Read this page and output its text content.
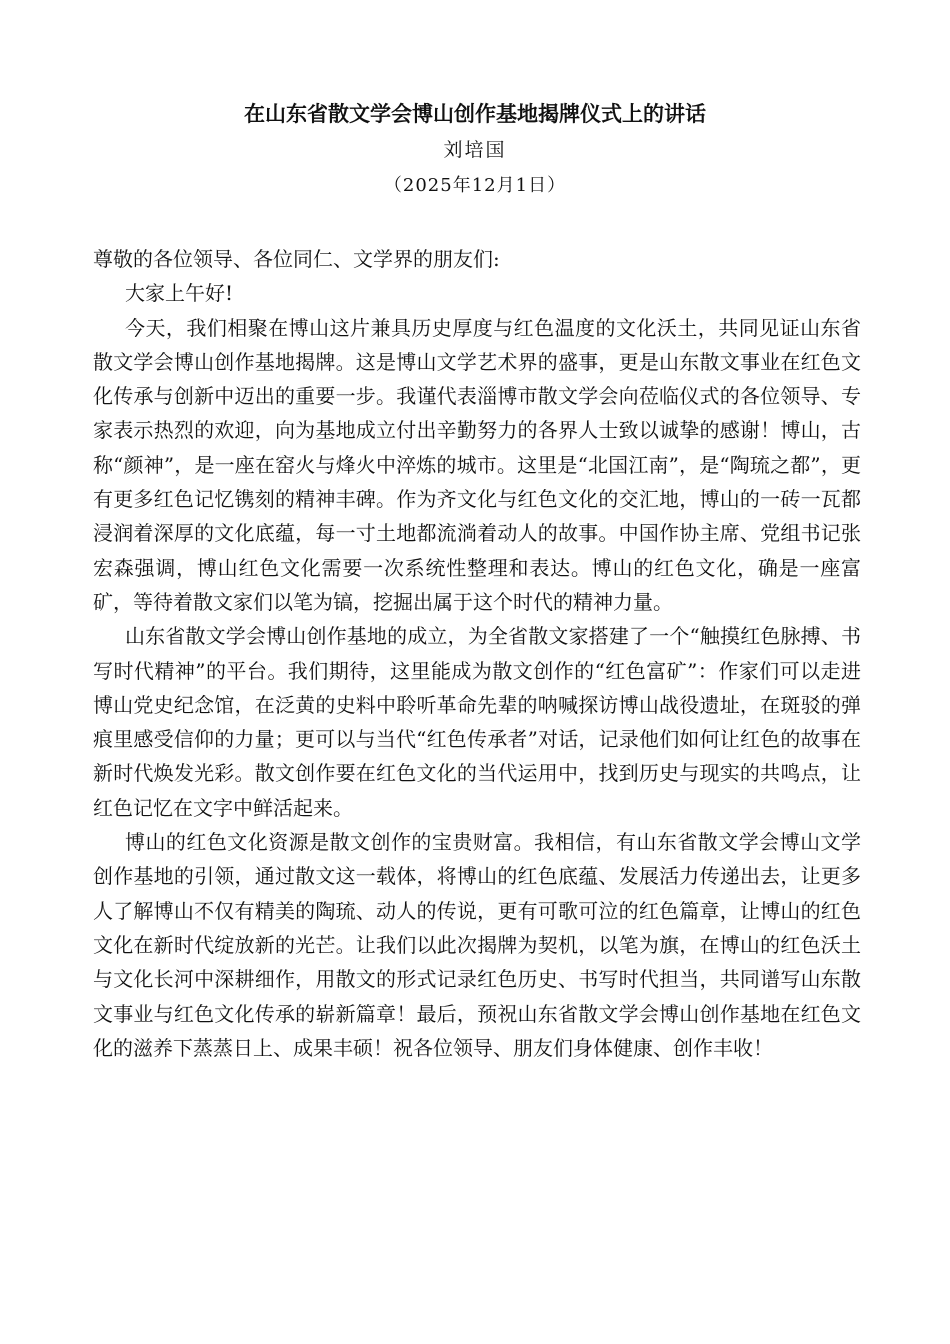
在山东省散文学会博山创作基地揭牌仪式上的讲话

刘培国

（2025年12月1日）

尊敬的各位领导、各位同仁、文学界的朋友们:

大家上午好!

今天，我们相聚在博山这片兼具历史厚度与红色温度的文化沃土，共同见证山东省散文学会博山创作基地揭牌。这是博山文学艺术界的盛事，更是山东散文事业在红色文化传承与创新中迈出的重要一步。我谨代表淄博市散文学会向莅临仪式的各位领导、专家表示热烈的欢迎，向为基地成立付出辛勤努力的各界人士致以诚挚的感谢！博山，古称“颜神”，是一座在窑火与烽火中淬炼的城市。这里是“北国江南”，是“陶琉之都”，更有更多红色记忆镌刻的精神丰碑。作为齐文化与红色文化的交汇地，博山的一砖一瓦都浸润着深厚的文化底蕴，每一寸土地都流淌着动人的故事。中国作协主席、党组书记张宏森强调，博山红色文化需要一次系统性整理和表达。博山的红色文化，确是一座富矿，等待着散文家们以笔为镐，挖掘出属于这个时代的精神力量。

山东省散文学会博山创作基地的成立，为全省散文家搭建了一个“触摸红色脉搏、书写时代精神”的平台。我们期待，这里能成为散文创作的“红色富矿”：作家们可以走进博山党史纪念馆，在泛黄的史料中聆听革命先辈的呐喊探访博山战役遗址，在斑驳的弹痕里感受信仰的力量；更可以与当代“红色传承者”对话，记录他们如何让红色的故事在新时代焕发光彩。散文创作要在红色文化的当代运用中，找到历史与现实的共鸣点，让红色记忆在文字中鲜活起来。

博山的红色文化资源是散文创作的宝贵财富。我相信，有山东省散文学会博山文学创作基地的引领，通过散文这一载体，将博山的红色底蕴、发展活力传递出去，让更多人了解博山不仅有精美的陶琉、动人的传说，更有可歌可泣的红色篇章，让博山的红色文化在新时代绽放新的光芒。让我们以此次揭牌为契机，以笔为旗，在博山的红色沃土与文化长河中深耕细作，用散文的形式记录红色历史、书写时代担当，共同谱写山东散文事业与红色文化传承的崭新篇章！最后，预祝山东省散文学会博山创作基地在红色文化的滋养下蒸蒸日上、成果丰硕！祝各位领导、朋友们身体健康、创作丰收！
